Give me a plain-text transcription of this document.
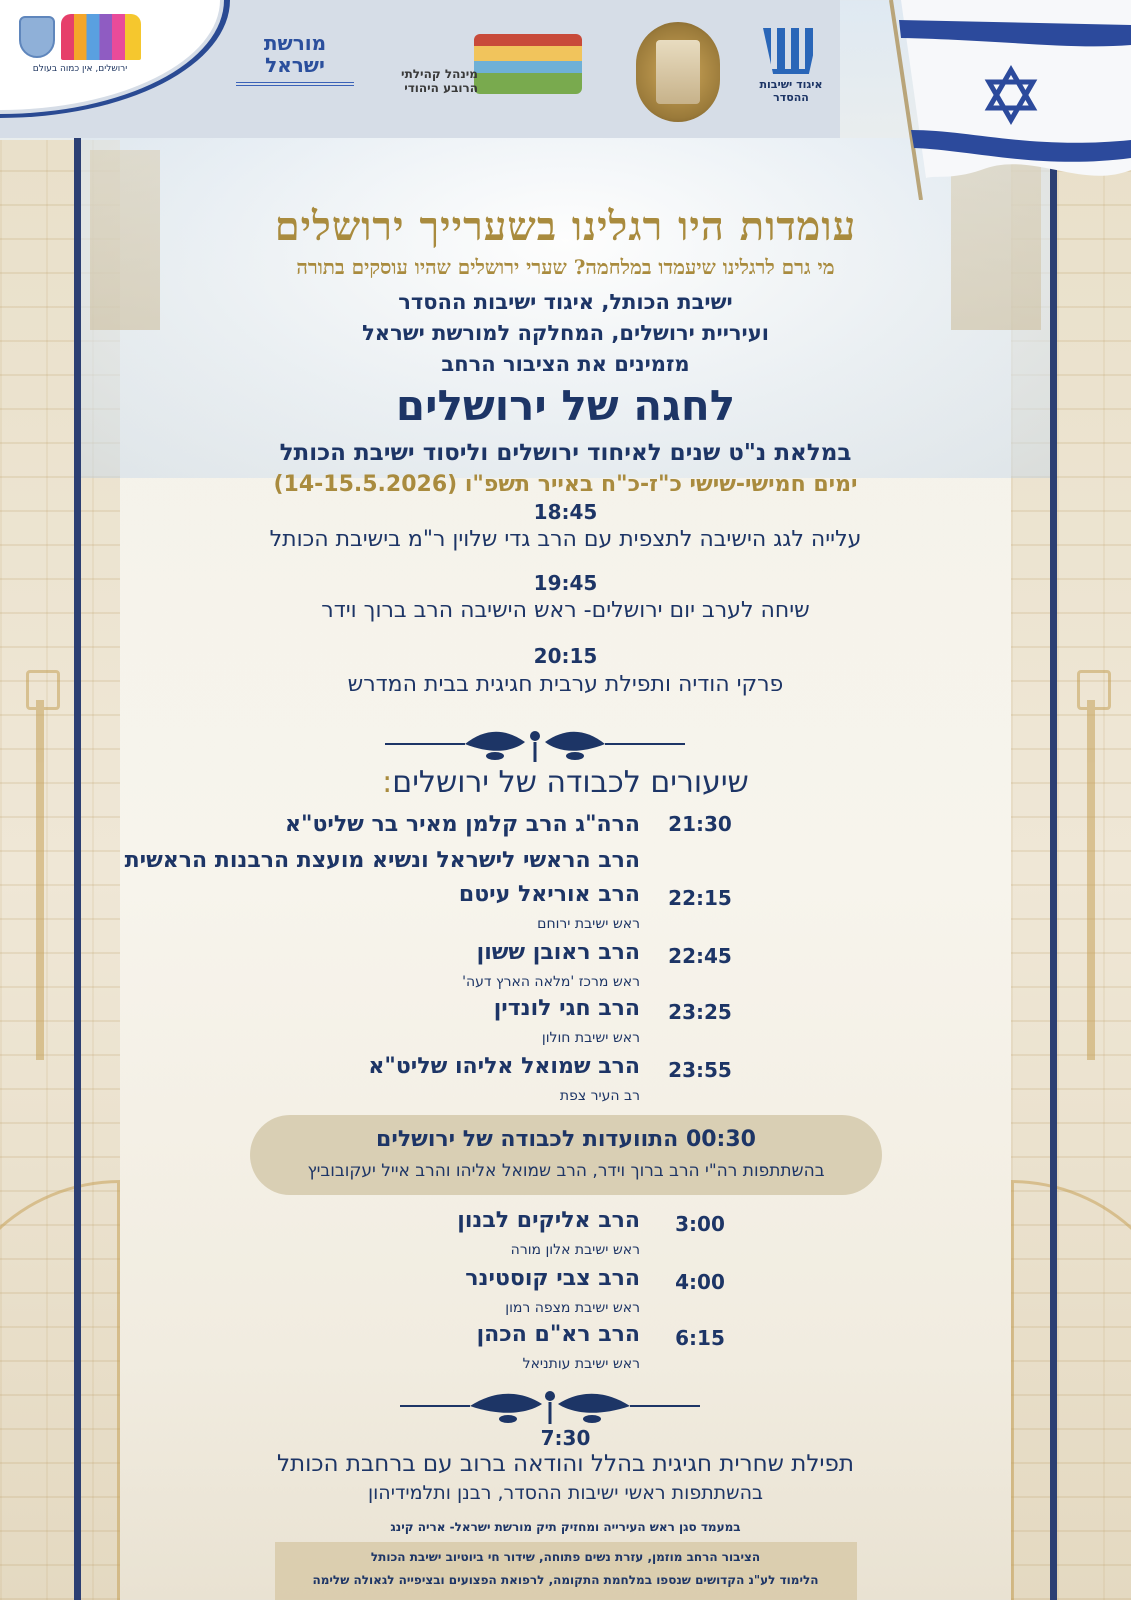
ירושלים, אין כמוה בעולם
מורשת
ישראל	מינהל קהילתי
הרובע היהודי	איגוד ישיבות ההסדר
עומדות היו רגלינו בשערייך ירושלים
מי גרם לרגלינו שיעמדו במלחמה? שערי ירושלים שהיו עוסקים בתורה
ישיבת הכותל, איגוד ישיבות ההסדר
ועיריית ירושלים, המחלקה למורשת ישראל
מזמינים את הציבור הרחב
לחגה של ירושלים
במלאת נ"ט שנים לאיחוד ירושלים וליסוד ישיבת הכותל
ימים חמישי-שישי כ"ז-כ"ח באייר תשפ"ו (14-15.5.2026)
18:45
עלייה לגג הישיבה לתצפית עם הרב גדי שלוין ר"מ בישיבת הכותל
19:45
שיחה לערב יום ירושלים- ראש הישיבה הרב ברוך וידר
20:15
פרקי הודיה ותפילת ערבית חגיגית בבית המדרש
שיעורים לכבודה של ירושלים:
21:30
הרה"ג הרב קלמן מאיר בר שליט"א
הרב הראשי לישראל ונשיא מועצת הרבנות הראשית
22:15
הרב אוריאל עיטם
ראש ישיבת ירוחם
22:45
הרב ראובן ששון
ראש מרכז 'מלאה הארץ דעה'
23:25
הרב חגי לונדין
ראש ישיבת חולון
23:55
הרב שמואל אליהו שליט"א
רב העיר צפת
00:30 התוועדות לכבודה של ירושלים
בהשתתפות רה"י הרב ברוך וידר, הרב שמואל אליהו והרב אייל יעקובוביץ
3:00
הרב אליקים לבנון
ראש ישיבת אלון מורה
4:00
הרב צבי קוסטינר
ראש ישיבת מצפה רמון
6:15
הרב רא"ם הכהן
ראש ישיבת עותניאל
7:30
תפילת שחרית חגיגית בהלל והודאה ברוב עם ברחבת הכותל
בהשתתפות ראשי ישיבות ההסדר, רבנן ותלמידיהון
במעמד סגן ראש העירייה ומחזיק תיק מורשת ישראל- אריה קינג
הציבור הרחב מוזמן, עזרת נשים פתוחה, שידור חי ביוטיוב ישיבת הכותל
הלימוד לע"נ הקדושים שנספו במלחמת התקומה, לרפואת הפצועים ובציפייה לגאולה שלימה
